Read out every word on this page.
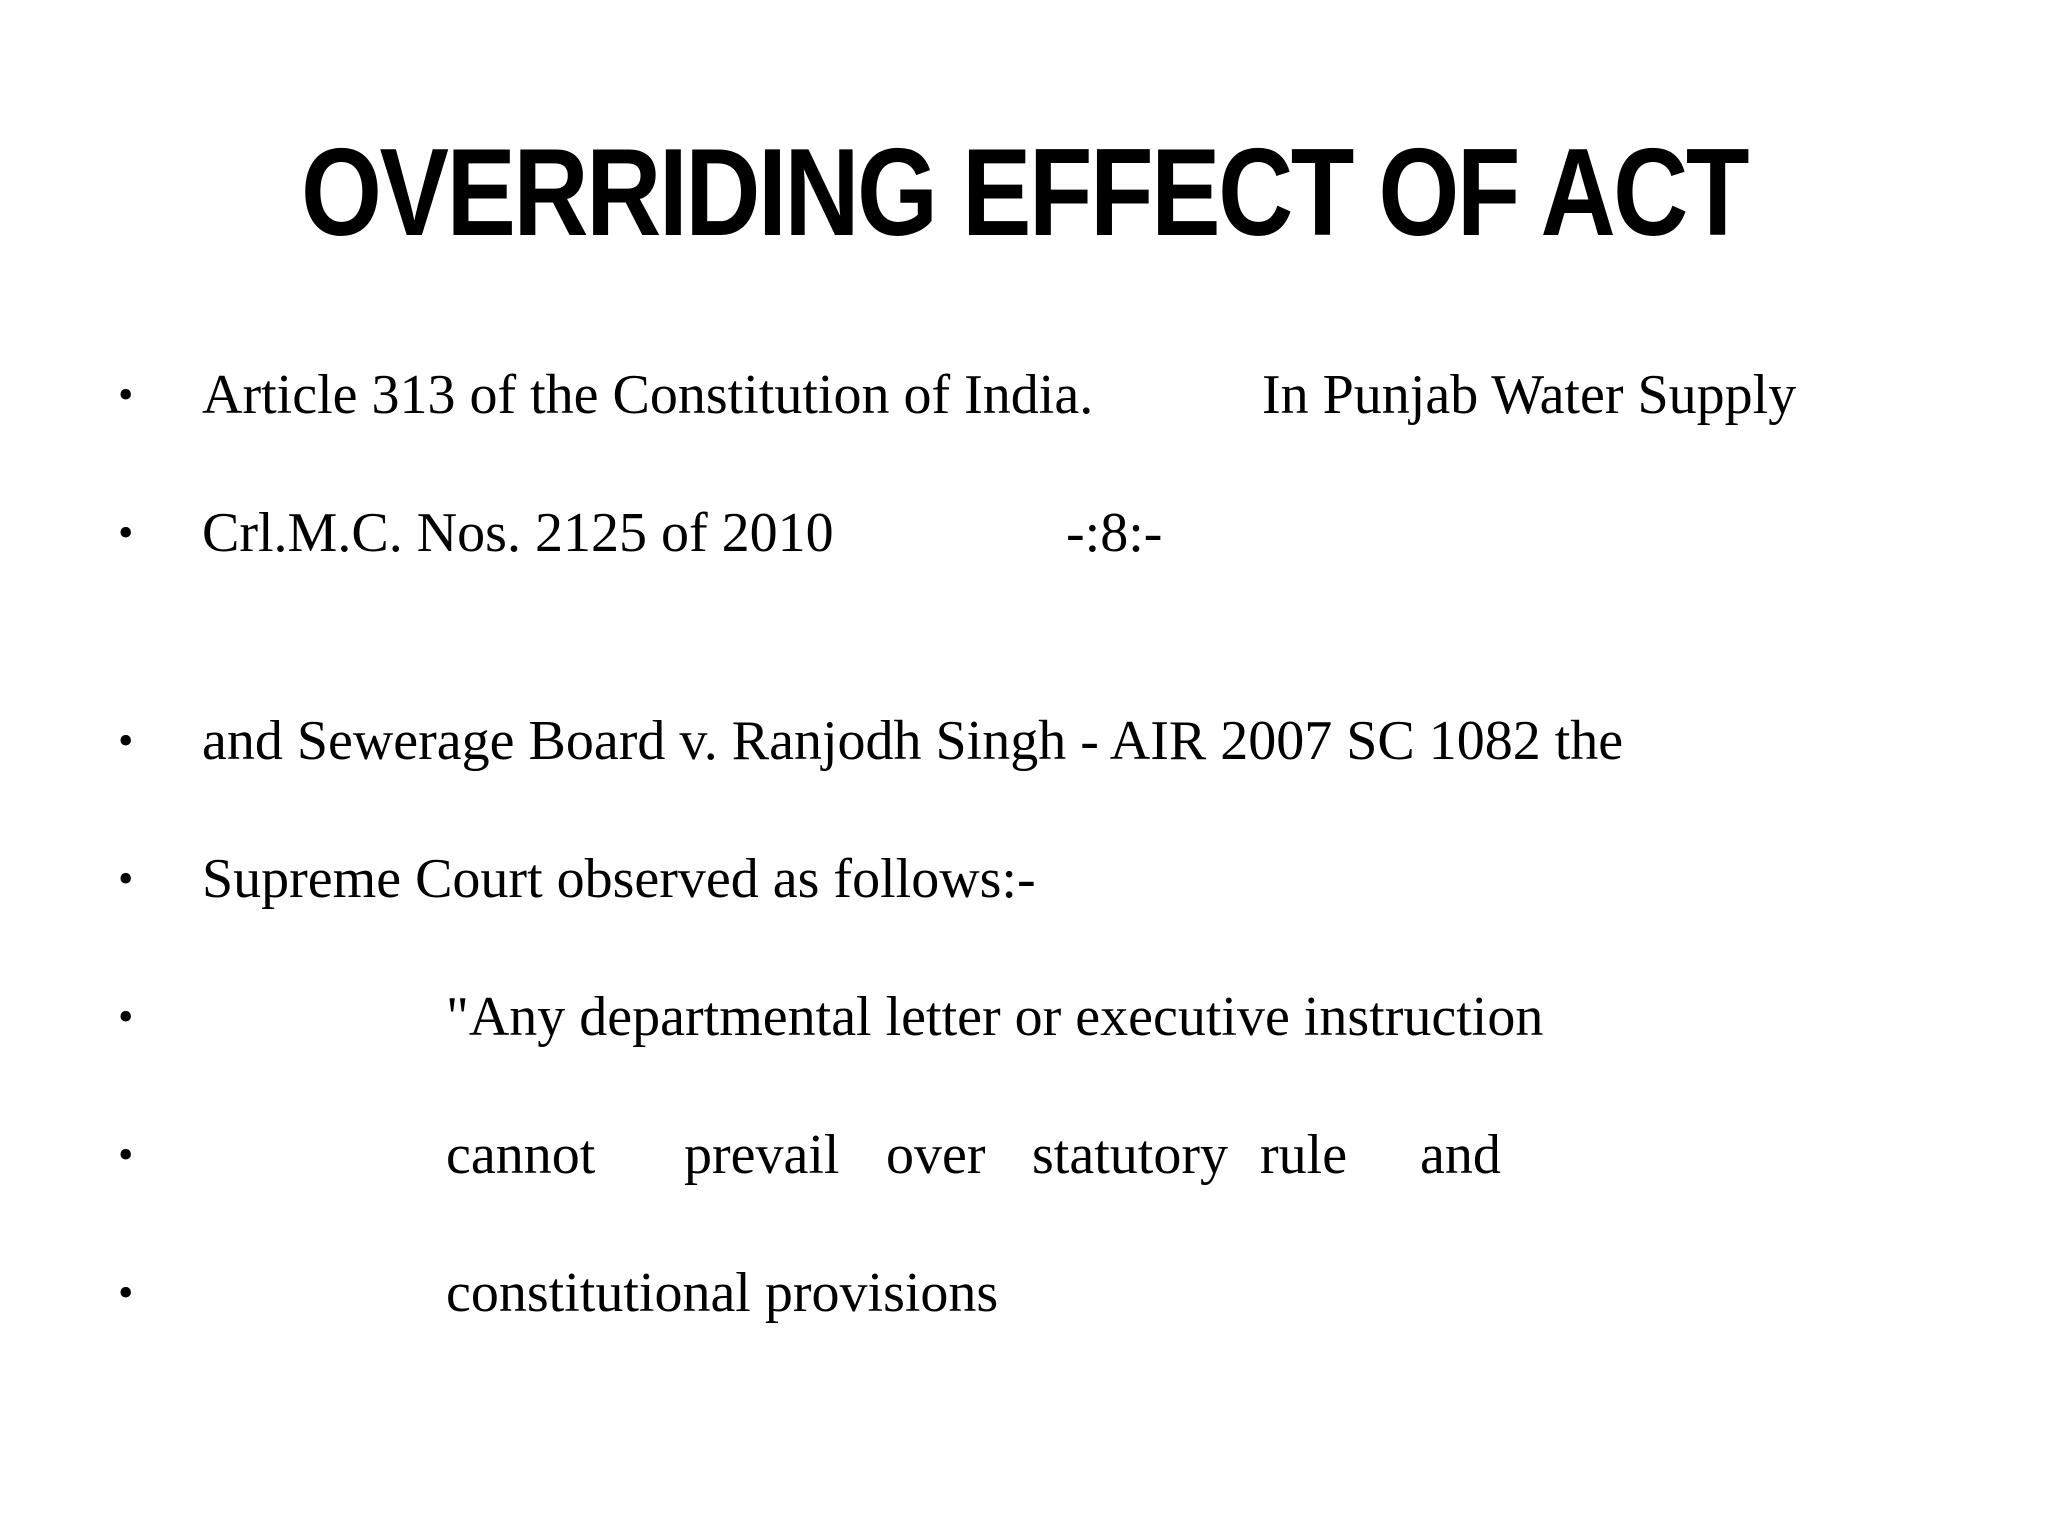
OVERRIDING EFFECT OF ACT
• Article 313 of the Constitution of India.	In Punjab Water Supply
• Crl.M.C. Nos. 2125 of 2010	-:8:-
• and Sewerage Board v. Ranjodh Singh - AIR 2007 SC 1082 the
• Supreme Court observed as follows:-
•	"Any departmental letter or executive instruction
•	cannot prevail over statutory rule and
•	constitutional provisions
